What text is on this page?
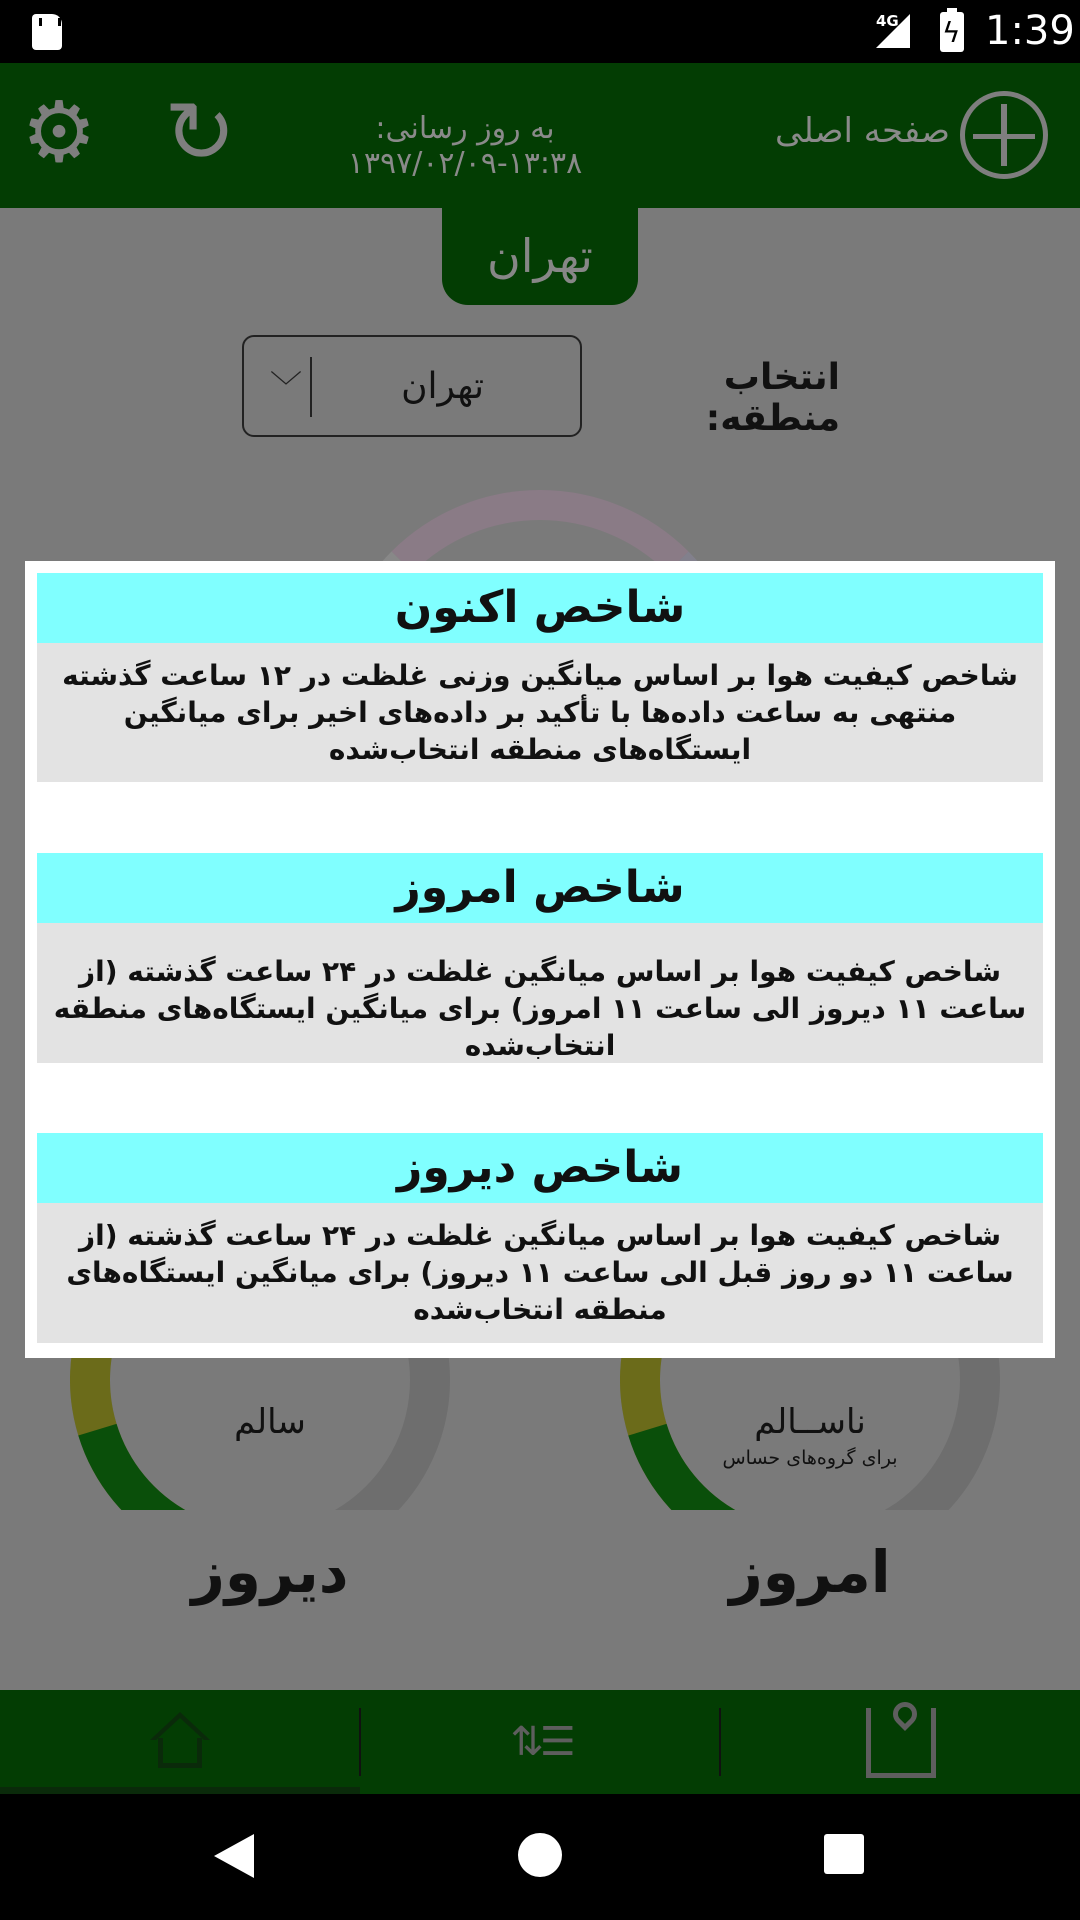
4G
ϟ 1:39
⚙ ↻	به روز رسانی: ۱۳:۳۸-۱۳۹۷/۰۲/۰۹
صفحه اصلی
تهران
انتخاب منطقه:
﹀	تهران
سالم
دیروز
ناســالم
برای گروه‌های حساس
امروز
⇅☰
شاخص اکنون
شاخص کیفیت هوا بر اساس میانگین وزنی غلظت در ۱۲ ساعت گذشته منتهی به ساعت داده‌ها با تأکید بر داده‌های اخیر برای میانگین ایستگاه‌های منطقه انتخاب‌شده
شاخص امروز
شاخص کیفیت هوا بر اساس میانگین غلظت در ۲۴ ساعت گذشته (از ساعت ۱۱ دیروز الی ساعت ۱۱ امروز) برای میانگین ایستگاه‌های منطقه انتخاب‌شده
شاخص دیروز
شاخص کیفیت هوا بر اساس میانگین غلظت در ۲۴ ساعت گذشته (از ساعت ۱۱ دو روز قبل الی ساعت ۱۱ دیروز) برای میانگین ایستگاه‌های منطقه انتخاب‌شده
